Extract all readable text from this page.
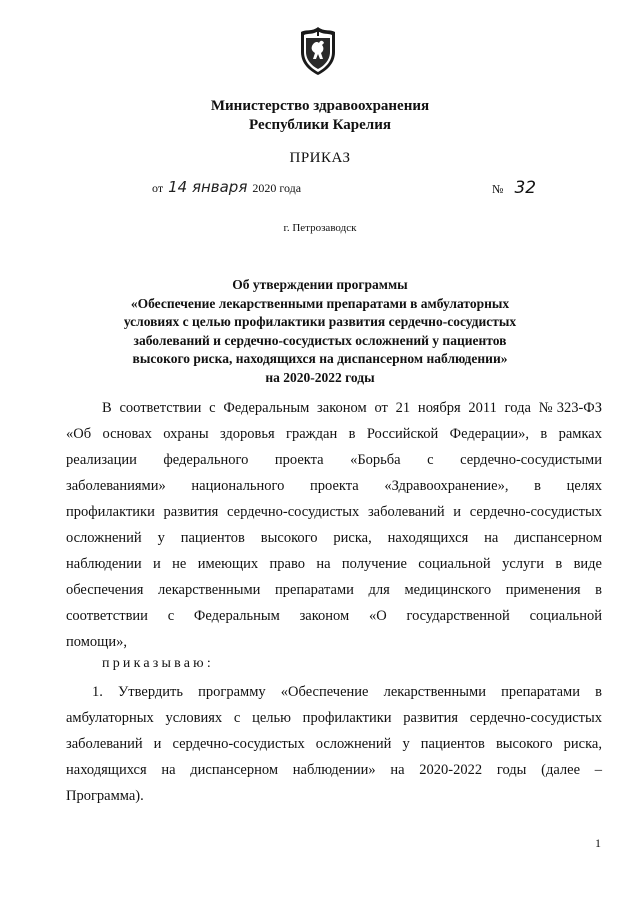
Министерство здравоохранения
Республики Карелия
ПРИКАЗ
от 14 января 2020 года	№ 32
г. Петрозаводск
Об утверждении программы
«Обеспечение лекарственными препаратами в амбулаторных
условиях с целью профилактики развития сердечно-сосудистых
заболеваний и сердечно-сосудистых осложнений у пациентов
высокого риска, находящихся на диспансерном наблюдении»
на 2020-2022 годы
В соответствии с Федеральным законом от 21 ноября 2011 года №323-ФЗ
«Об основах охраны здоровья граждан в Российской Федерации», в рамках
реализации федерального проекта «Борьба с сердечно-сосудистыми
заболеваниями» национального проекта «Здравоохранение», в целях
профилактики развития сердечно-сосудистых заболеваний и сердечно-сосудистых
осложнений у пациентов высокого риска, находящихся на диспансерном
наблюдении и не имеющих право на получение социальной услуги в виде
обеспечения лекарственными препаратами для медицинского применения в
соответствии с Федеральным законом «О государственной социальной
помощи»,
приказываю:
1. Утвердить программу «Обеспечение лекарственными препаратами в
амбулаторных условиях с целью профилактики развития сердечно-сосудистых
заболеваний и сердечно-сосудистых осложнений у пациентов высокого риска,
находящихся на диспансерном наблюдении» на 2020-2022 годы (далее –
Программа).
1
